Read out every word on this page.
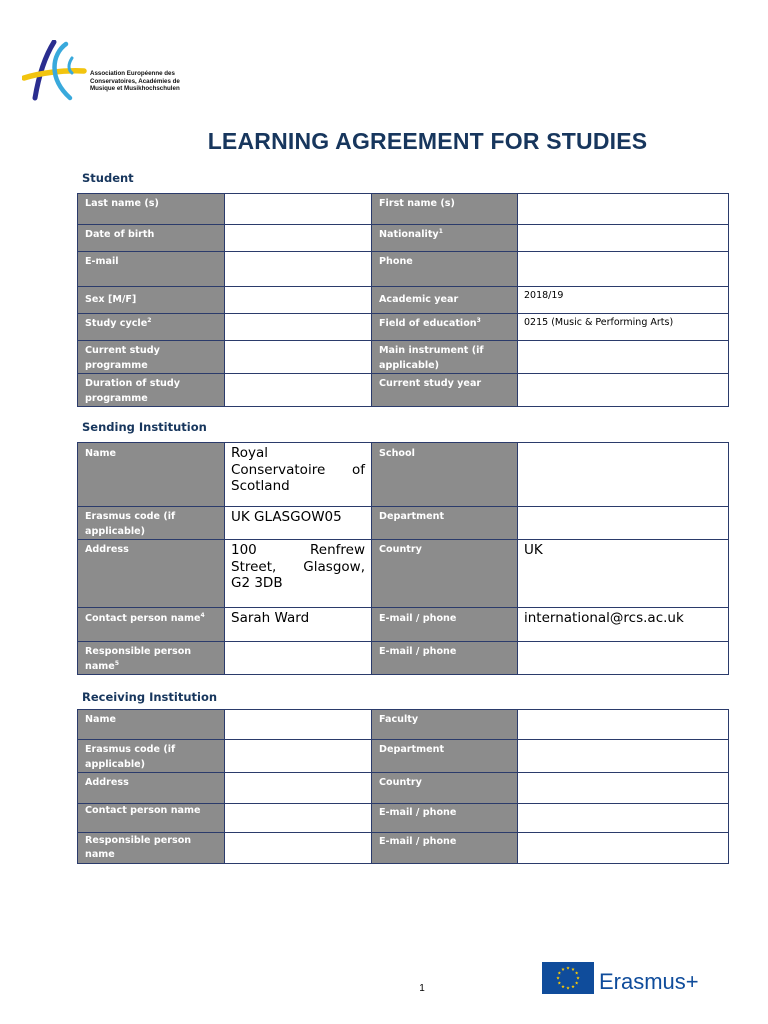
Association Européenne des
Conservatoires, Académies de
Musique et Musikhochschulen
LEARNING AGREEMENT FOR STUDIES
Student
Last name (s)		First name (s)	

Date of birth		Nationality$^1$	

E-mail		Phone	

Sex [M/F]		Academic year	2018/19

Study cycle$^2$		Field of education$^3$	0215 (Music & Performing Arts)

Current study programme		Main instrument (if applicable)	

Duration of study programme		Current study year	
Sending Institution
Name	Royal Conservatoire of Scotland	School	

Erasmus code (if applicable)	UK GLASGOW05	Department	

Address	100 Renfrew Street, Glasgow, G2 3DB	Country	UK

Contact person name$^4$	Sarah Ward	E-mail / phone	international@rcs.ac.uk

Responsible person name$^5$		E-mail / phone	
Receiving Institution
Name		Faculty	

Erasmus code (if applicable)		Department	

Address		Country	

Contact person name		E-mail / phone	

Responsible person name		E-mail / phone	
1	Erasmus+
